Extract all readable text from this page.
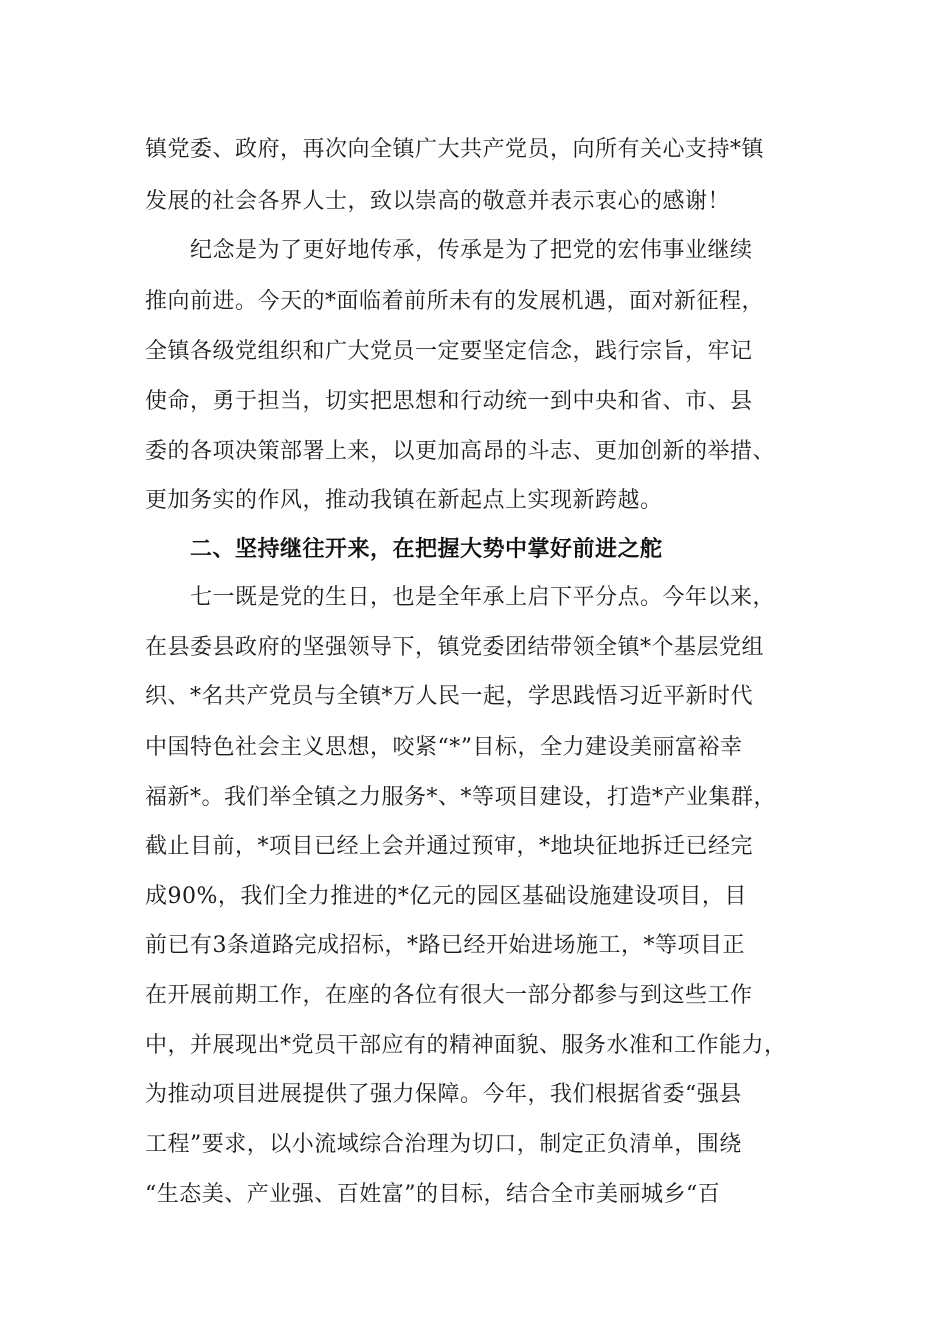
镇党委、政府，再次向全镇广大共产党员，向所有关心支持*镇
发展的社会各界人士，致以崇高的敬意并表示衷心的感谢！
纪念是为了更好地传承，传承是为了把党的宏伟事业继续
推向前进。今天的*面临着前所未有的发展机遇，面对新征程，
全镇各级党组织和广大党员一定要坚定信念，践行宗旨，牢记
使命，勇于担当，切实把思想和行动统一到中央和省、市、县
委的各项决策部署上来，以更加高昂的斗志、更加创新的举措、
更加务实的作风，推动我镇在新起点上实现新跨越。
二、坚持继往开来，在把握大势中掌好前进之舵
七一既是党的生日，也是全年承上启下平分点。今年以来，
在县委县政府的坚强领导下，镇党委团结带领全镇*个基层党组
织、*名共产党员与全镇*万人民一起，学思践悟习近平新时代
中国特色社会主义思想，咬紧“*”目标，全力建设美丽富裕幸
福新*。我们举全镇之力服务*、*等项目建设，打造*产业集群，
截止目前，*项目已经上会并通过预审，*地块征地拆迁已经完
成90%，我们全力推进的*亿元的园区基础设施建设项目，目
前已有3条道路完成招标，*路已经开始进场施工，*等项目正
在开展前期工作，在座的各位有很大一部分都参与到这些工作
中，并展现出*党员干部应有的精神面貌、服务水准和工作能力，
为推动项目进展提供了强力保障。今年，我们根据省委“强县
工程”要求，以小流域综合治理为切口，制定正负清单，围绕
“生态美、产业强、百姓富”的目标，结合全市美丽城乡“百
